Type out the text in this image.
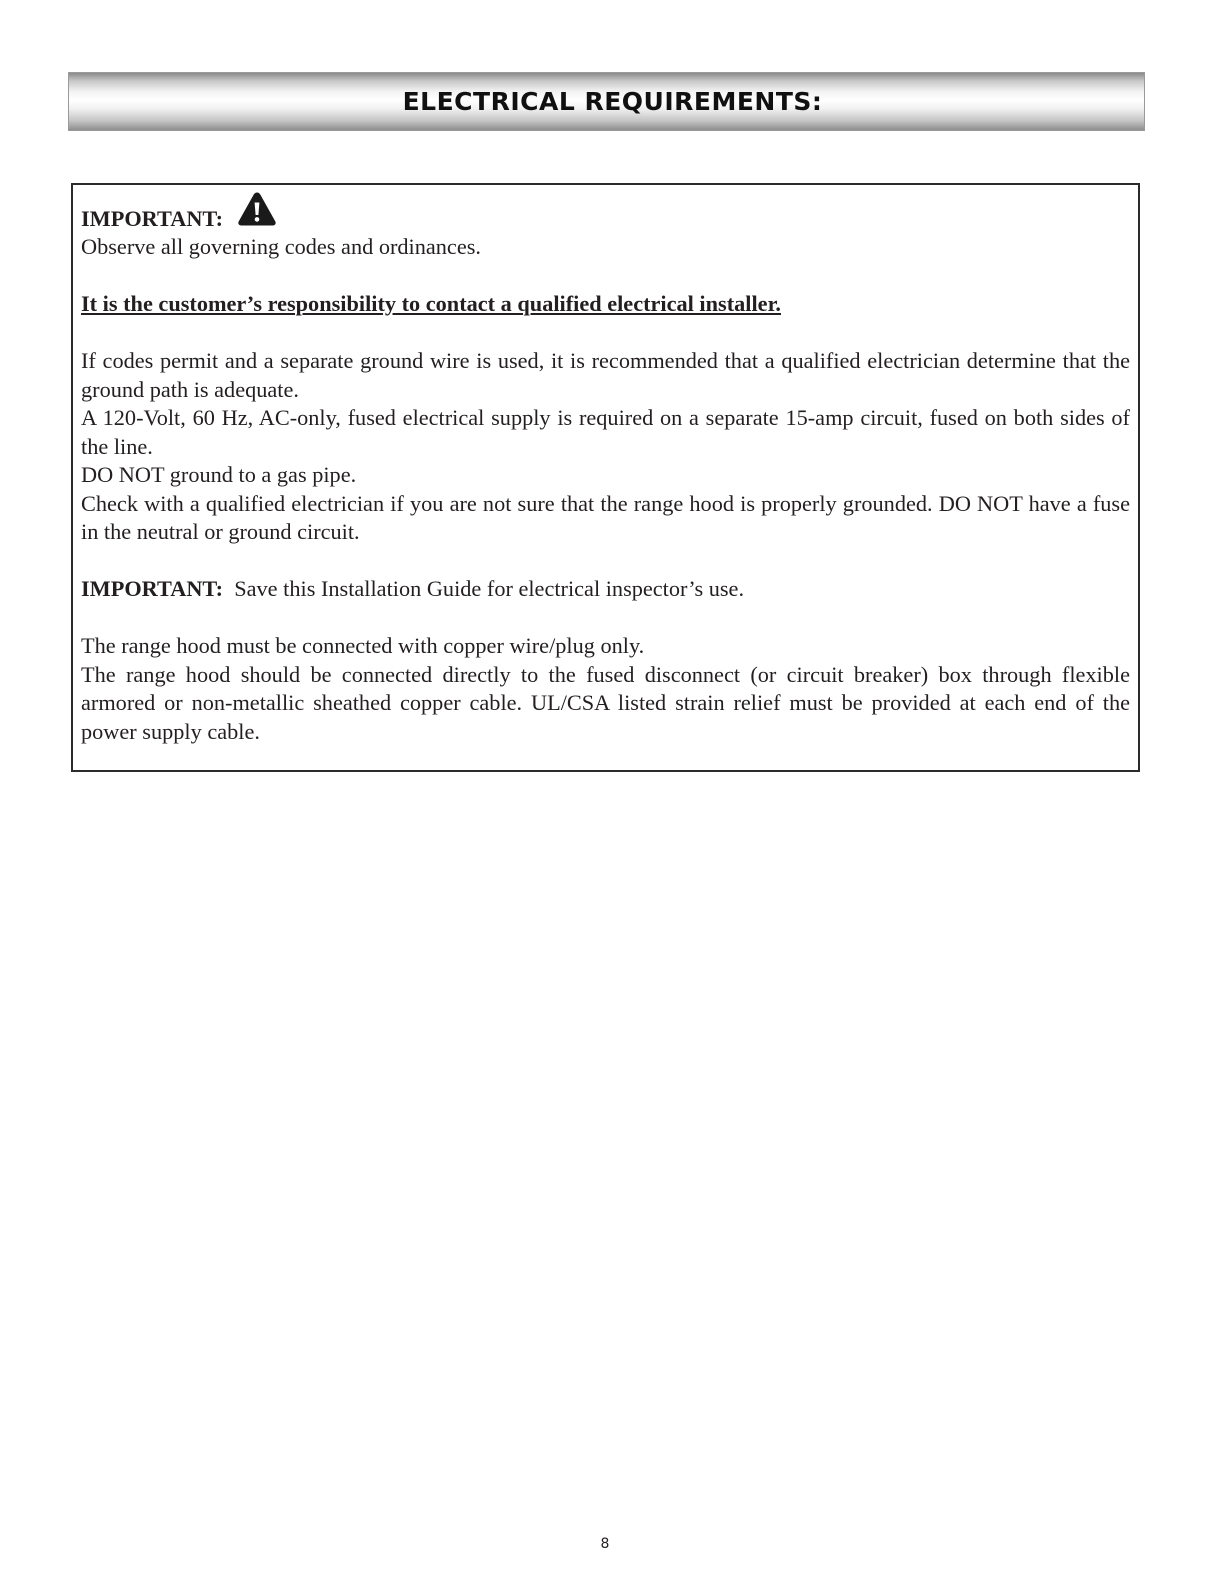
ELECTRICAL REQUIREMENTS:
IMPORTANT:

Observe all governing codes and ordinances.

It is the customer’s responsibility to contact a qualified electrical installer.

If codes permit and a separate ground wire is used, it is recommended that a qualified electrician determine that the ground path is adequate.

A 120-Volt, 60 Hz, AC-only, fused electrical supply is required on a separate 15-amp circuit, fused on both sides of the line.

DO NOT ground to a gas pipe.

Check with a qualified electrician if you are not sure that the range hood is properly grounded. DO NOT have a fuse in the neutral or ground circuit.

IMPORTANT: Save this Installation Guide for electrical inspector’s use.

The range hood must be connected with copper wire/plug only.

The range hood should be connected directly to the fused disconnect (or circuit breaker) box through flexible armored or non-metallic sheathed copper cable. UL/CSA listed strain relief must be provided at each end of the power supply cable.

8
